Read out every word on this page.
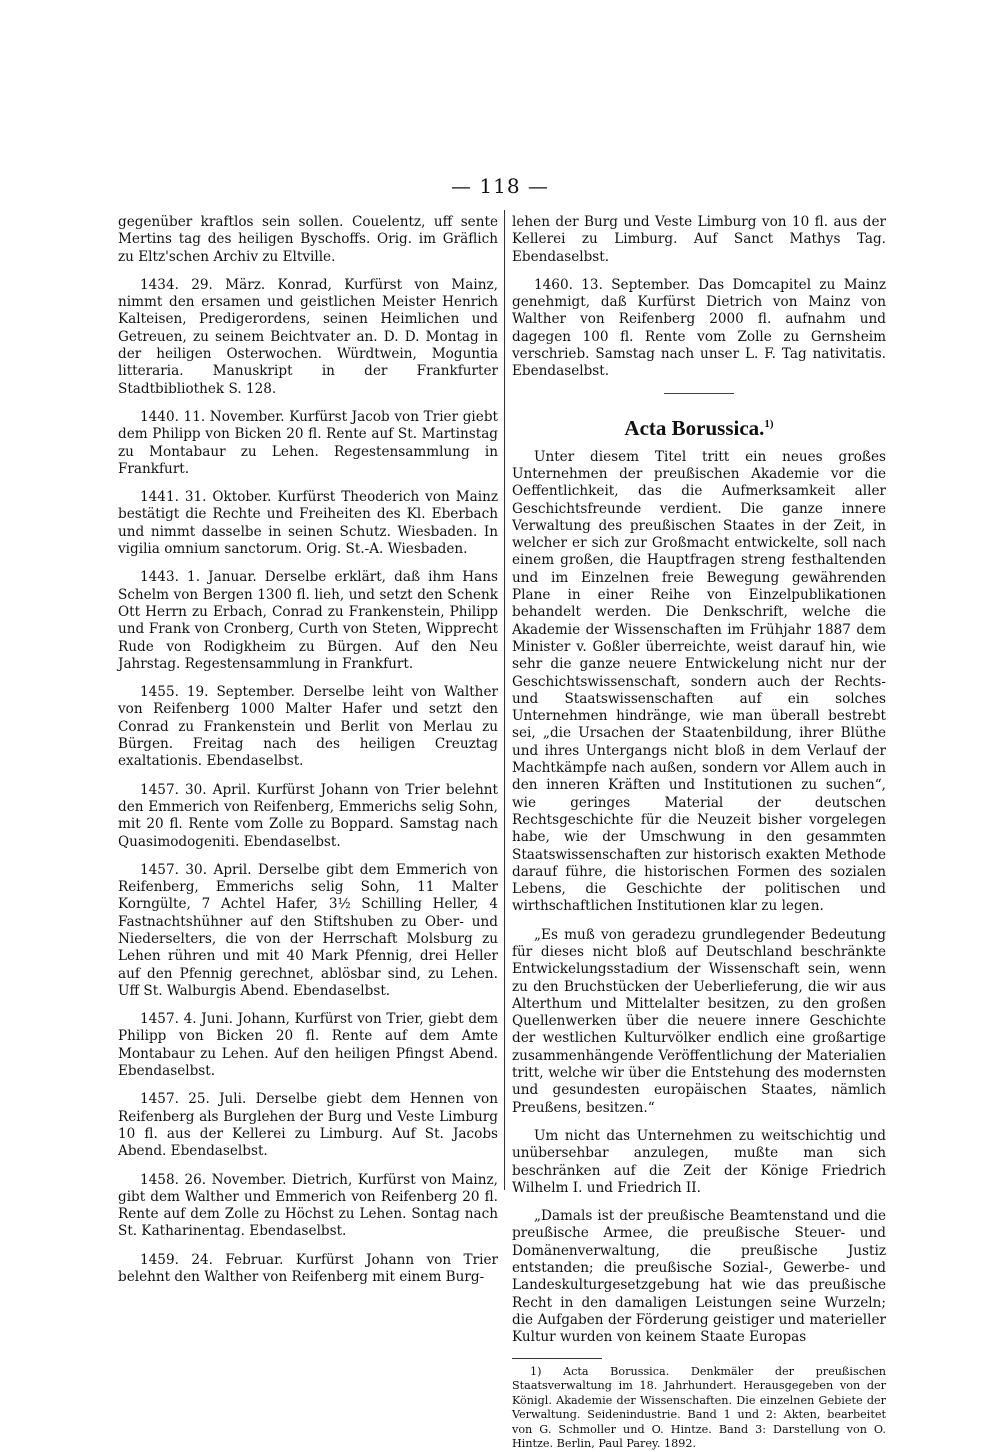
— 118 —

gegenüber kraftlos sein sollen. Couelentz, uff sente Mertins tag des heiligen Byschoffs. Orig. im Gräflich zu Eltz'schen Archiv zu Eltville.

1434. 29. März. Konrad, Kurfürst von Mainz, nimmt den ersamen und geistlichen Meister Henrich Kalteisen, Predigerordens, seinen Heimlichen und Getreuen, zu seinem Beichtvater an. D. D. Montag in der heiligen Osterwochen. Würdtwein, Moguntia litteraria. Manuskript in der Frankfurter Stadtbibliothek S. 128.

1440. 11. November. Kurfürst Jacob von Trier giebt dem Philipp von Bicken 20 fl. Rente auf St. Martinstag zu Montabaur zu Lehen. Regestensammlung in Frankfurt.

1441. 31. Oktober. Kurfürst Theoderich von Mainz bestätigt die Rechte und Freiheiten des Kl. Eberbach und nimmt dasselbe in seinen Schutz. Wiesbaden. In vigilia omnium sanctorum. Orig. St.-A. Wiesbaden.

1443. 1. Januar. Derselbe erklärt, daß ihm Hans Schelm von Bergen 1300 fl. lieh, und setzt den Schenk Ott Herrn zu Erbach, Conrad zu Frankenstein, Philipp und Frank von Cronberg, Curth von Steten, Wipprecht Rude von Rodigkheim zu Bürgen. Auf den Neu Jahrstag. Regestensammlung in Frankfurt.

1455. 19. September. Derselbe leiht von Walther von Reifenberg 1000 Malter Hafer und setzt den Conrad zu Frankenstein und Berlit von Merlau zu Bürgen. Freitag nach des heiligen Creuztag exaltationis. Ebendaselbst.

1457. 30. April. Kurfürst Johann von Trier belehnt den Emmerich von Reifenberg, Emmerichs selig Sohn, mit 20 fl. Rente vom Zolle zu Boppard. Samstag nach Quasimodogeniti. Ebendaselbst.

1457. 30. April. Derselbe gibt dem Emmerich von Reifenberg, Emmerichs selig Sohn, 11 Malter Korngülte, 7 Achtel Hafer, 3½ Schilling Heller, 4 Fastnachtshühner auf den Stiftshuben zu Ober- und Niederselters, die von der Herrschaft Molsburg zu Lehen rühren und mit 40 Mark Pfennig, drei Heller auf den Pfennig gerechnet, ablösbar sind, zu Lehen. Uff St. Walburgis Abend. Ebendaselbst.

1457. 4. Juni. Johann, Kurfürst von Trier, giebt dem Philipp von Bicken 20 fl. Rente auf dem Amte Montabaur zu Lehen. Auf den heiligen Pfingst Abend. Ebendaselbst.

1457. 25. Juli. Derselbe giebt dem Hennen von Reifenberg als Burglehen der Burg und Veste Limburg 10 fl. aus der Kellerei zu Limburg. Auf St. Jacobs Abend. Ebendaselbst.

1458. 26. November. Dietrich, Kurfürst von Mainz, gibt dem Walther und Emmerich von Reifenberg 20 fl. Rente auf dem Zolle zu Höchst zu Lehen. Sontag nach St. Katharinentag. Ebendaselbst.

1459. 24. Februar. Kurfürst Johann von Trier belehnt den Walther von Reifenberg mit einem Burg-

lehen der Burg und Veste Limburg von 10 fl. aus der Kellerei zu Limburg. Auf Sanct Mathys Tag. Ebendaselbst.

1460. 13. September. Das Domcapitel zu Mainz genehmigt, daß Kurfürst Dietrich von Mainz von Walther von Reifenberg 2000 fl. aufnahm und dagegen 100 fl. Rente vom Zolle zu Gernsheim verschrieb. Samstag nach unser L. F. Tag nativitatis. Ebendaselbst.

Acta Borussica.$^{1)}$

Unter diesem Titel tritt ein neues großes Unternehmen der preußischen Akademie vor die Oeffentlichkeit, das die Aufmerksamkeit aller Geschichtsfreunde verdient. Die ganze innere Verwaltung des preußischen Staates in der Zeit, in welcher er sich zur Großmacht entwickelte, soll nach einem großen, die Hauptfragen streng festhaltenden und im Einzelnen freie Bewegung gewährenden Plane in einer Reihe von Einzelpublikationen behandelt werden. Die Denkschrift, welche die Akademie der Wissenschaften im Frühjahr 1887 dem Minister v. Goßler überreichte, weist darauf hin, wie sehr die ganze neuere Entwickelung nicht nur der Geschichtswissenschaft, sondern auch der Rechts- und Staatswissenschaften auf ein solches Unternehmen hindränge, wie man überall bestrebt sei, „die Ursachen der Staatenbildung, ihrer Blüthe und ihres Untergangs nicht bloß in dem Verlauf der Machtkämpfe nach außen, sondern vor Allem auch in den inneren Kräften und Institutionen zu suchen“, wie geringes Material der deutschen Rechtsgeschichte für die Neuzeit bisher vorgelegen habe, wie der Umschwung in den gesammten Staatswissenschaften zur historisch exakten Methode darauf führe, die historischen Formen des sozialen Lebens, die Geschichte der politischen und wirthschaftlichen Institutionen klar zu legen.

„Es muß von geradezu grundlegender Bedeutung für dieses nicht bloß auf Deutschland beschränkte Entwickelungsstadium der Wissenschaft sein, wenn zu den Bruchstücken der Ueberlieferung, die wir aus Alterthum und Mittelalter besitzen, zu den großen Quellenwerken über die neuere innere Geschichte der westlichen Kulturvölker endlich eine großartige zusammenhängende Veröffentlichung der Materialien tritt, welche wir über die Entstehung des modernsten und gesundesten europäischen Staates, nämlich Preußens, besitzen.“

Um nicht das Unternehmen zu weitschichtig und unübersehbar anzulegen, mußte man sich beschränken auf die Zeit der Könige Friedrich Wilhelm I. und Friedrich II.

„Damals ist der preußische Beamtenstand und die preußische Armee, die preußische Steuer- und Domänenverwaltung, die preußische Justiz entstanden; die preußische Sozial-, Gewerbe- und Landeskulturgesetzgebung hat wie das preußische Recht in den damaligen Leistungen seine Wurzeln; die Aufgaben der Förderung geistiger und materieller Kultur wurden von keinem Staate Europas

1) Acta Borussica. Denkmäler der preußischen Staatsverwaltung im 18. Jahrhundert. Herausgegeben von der Königl. Akademie der Wissenschaften. Die einzelnen Gebiete der Verwaltung. Seidenindustrie. Band 1 und 2: Akten, bearbeitet von G. Schmoller und O. Hintze. Band 3: Darstellung von O. Hintze. Berlin, Paul Parey. 1892.
